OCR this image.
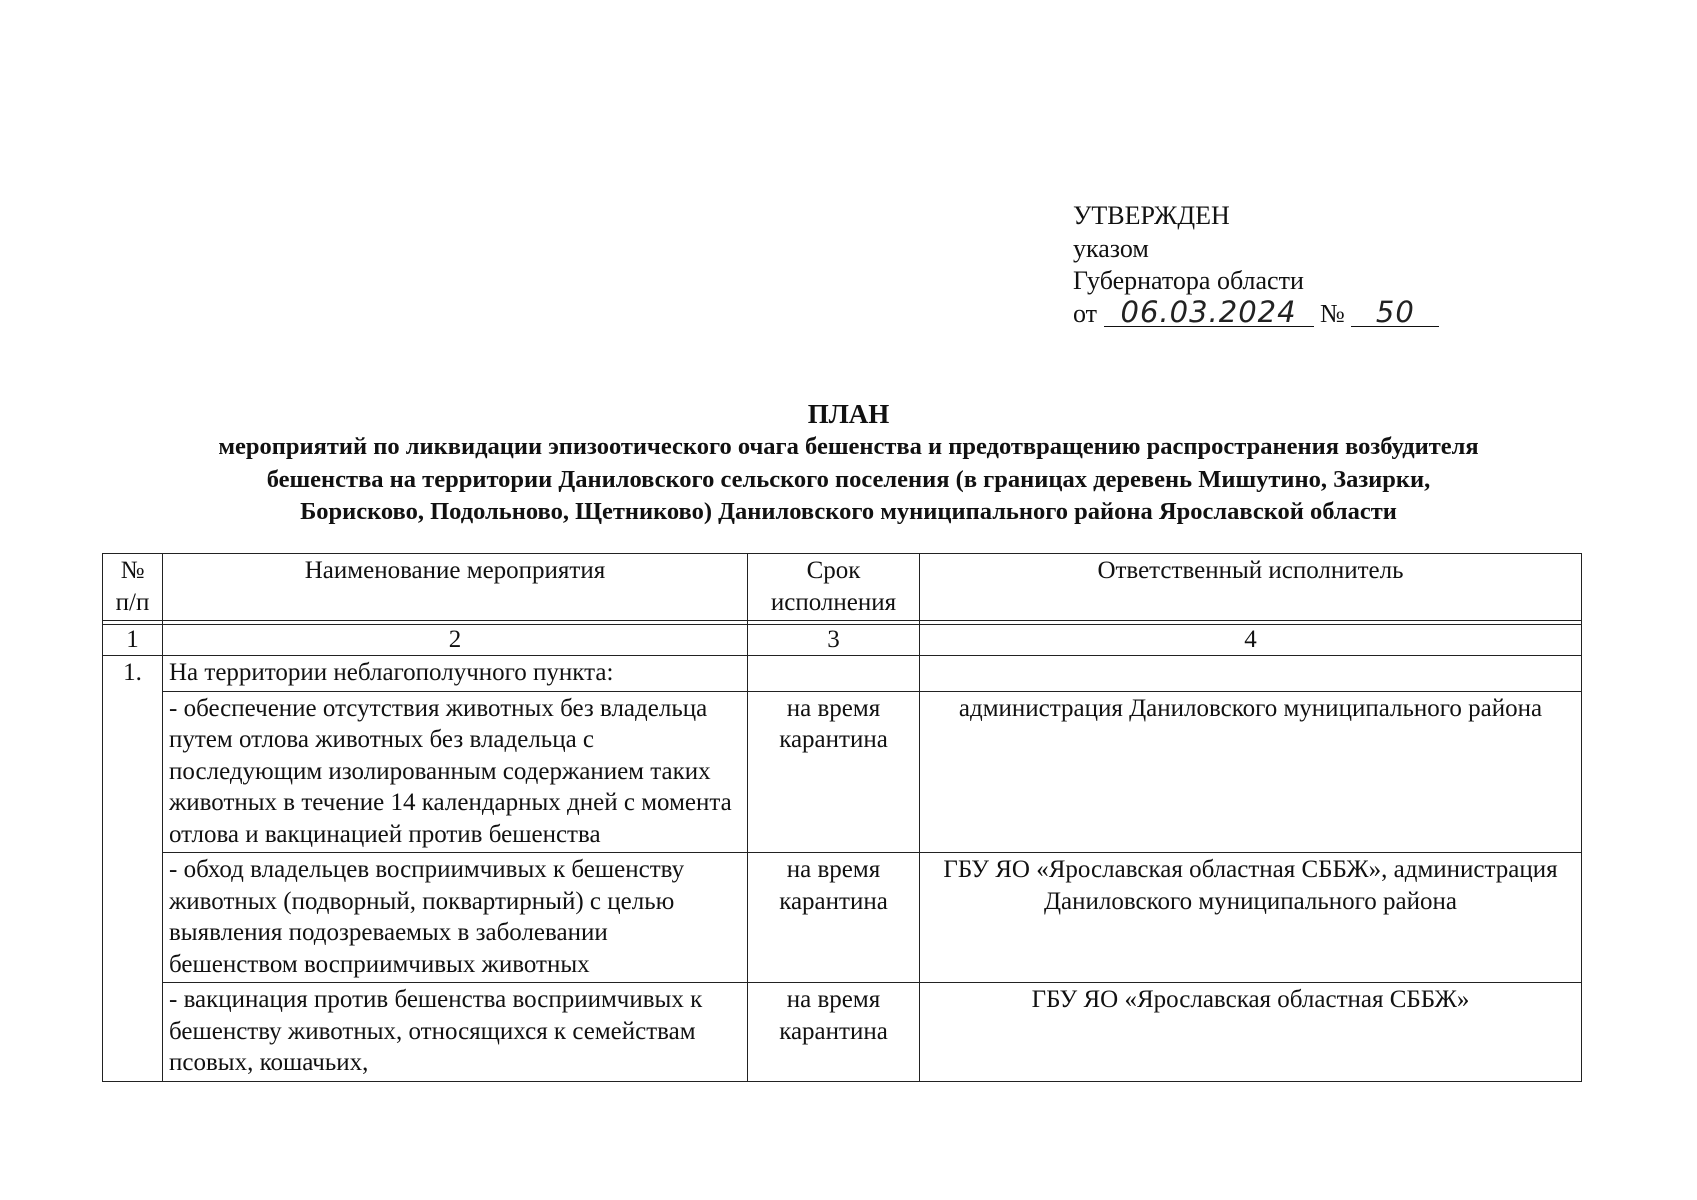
УТВЕРЖДЕН
указом
Губернатора области
от 06.03.2024 № 50
ПЛАН
мероприятий по ликвидации эпизоотического очага бешенства и предотвращению распространения возбудителя
бешенства на территории Даниловского сельского поселения (в границах деревень Мишутино, Зазирки,
Борисково, Подольново, Щетниково) Даниловского муниципального района Ярославской области
№ п/п	Наименование мероприятия	Срок исполнения	Ответственный исполнитель

1	2	3	4
1.	На территории неблагополучного пункта:		
	- обеспечение отсутствия животных без владельца путем отлова животных без владельца с последующим изолированным содержанием таких животных в течение 14 календарных дней с момента отлова и вакцинацией против бешенства	на время карантина	администрация Даниловского муниципального района
	- обход владельцев восприимчивых к бешенству животных (подворный, поквартирный) с целью выявления подозреваемых в заболевании бешенством восприимчивых животных	на время карантина	ГБУ ЯО «Ярославская областная СББЖ», администрация Даниловского муниципального района
	- вакцинация против бешенства восприимчивых к бешенству животных, относящихся к семействам псовых, кошачьих,	на время карантина	ГБУ ЯО «Ярославская областная СББЖ»
